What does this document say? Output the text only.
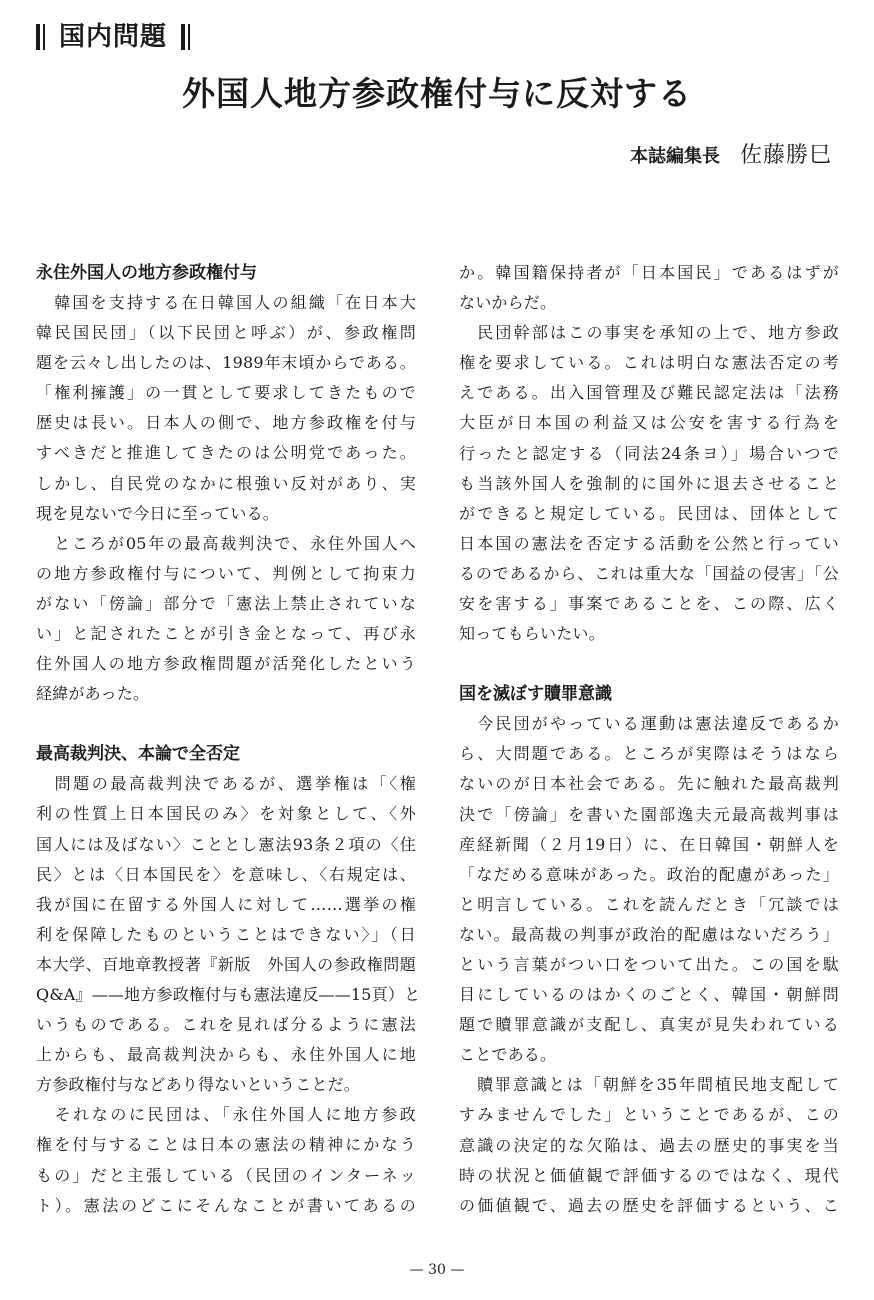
国内問題
外国人地方参政権付与に反対する
本誌編集長 佐藤勝巳
永住外国人の地方参政権付与

　韓国を支持する在日韓国人の組織「在日本大
韓民国民団」（以下民団と呼ぶ）が、参政権問
題を云々し出したのは、1989年末頃からである。
「権利擁護」の一貫として要求してきたもので
歴史は長い。日本人の側で、地方参政権を付与
すべきだと推進してきたのは公明党であった。
しかし、自民党のなかに根強い反対があり、実
現を見ないで今日に至っている。

　ところが05年の最高裁判決で、永住外国人へ
の地方参政権付与について、判例として拘束力
がない「傍論」部分で「憲法上禁止されていな
い」と記されたことが引き金となって、再び永
住外国人の地方参政権問題が活発化したという
経緯があった。

最高裁判決、本論で全否定

　問題の最高裁判決であるが、選挙権は「〈権
利の性質上日本国民のみ〉を対象として、〈外
国人には及ばない〉こととし憲法93条２項の〈住
民〉とは〈日本国民を〉を意味し、〈右規定は、
我が国に在留する外国人に対して……選挙の権
利を保障したものということはできない〉」（日
本大学、百地章教授著『新版　外国人の参政権問題
Q&A』——地方参政権付与も憲法違反——15頁）と
いうものである。これを見れば分るように憲法
上からも、最高裁判決からも、永住外国人に地
方参政権付与などあり得ないということだ。

　それなのに民団は、「永住外国人に地方参政
権を付与することは日本の憲法の精神にかなう
もの」だと主張している（民団のインターネッ
ト）。憲法のどこにそんなことが書いてあるの

か。韓国籍保持者が「日本国民」であるはずが
ないからだ。

　民団幹部はこの事実を承知の上で、地方参政
権を要求している。これは明白な憲法否定の考
えである。出入国管理及び難民認定法は「法務
大臣が日本国の利益又は公安を害する行為を
行ったと認定する（同法24条ヨ）」場合いつで
も当該外国人を強制的に国外に退去させること
ができると規定している。民団は、団体として
日本国の憲法を否定する活動を公然と行ってい
るのであるから、これは重大な「国益の侵害」「公
安を害する」事案であることを、この際、広く
知ってもらいたい。

国を滅ぼす贖罪意識

　今民団がやっている運動は憲法違反であるか
ら、大問題である。ところが実際はそうはなら
ないのが日本社会である。先に触れた最高裁判
決で「傍論」を書いた園部逸夫元最高裁判事は
産経新聞（２月19日）に、在日韓国・朝鮮人を
「なだめる意味があった。政治的配慮があった」
と明言している。これを読んだとき「冗談では
ない。最高裁の判事が政治的配慮はないだろう」
という言葉がつい口をついて出た。この国を駄
目にしているのはかくのごとく、韓国・朝鮮問
題で贖罪意識が支配し、真実が見失われている
ことである。

　贖罪意識とは「朝鮮を35年間植民地支配して
すみませんでした」ということであるが、この
意識の決定的な欠陥は、過去の歴史的事実を当
時の状況と価値観で評価するのではなく、現代
の価値観で、過去の歴史を評価するという、こ

— 30 —
